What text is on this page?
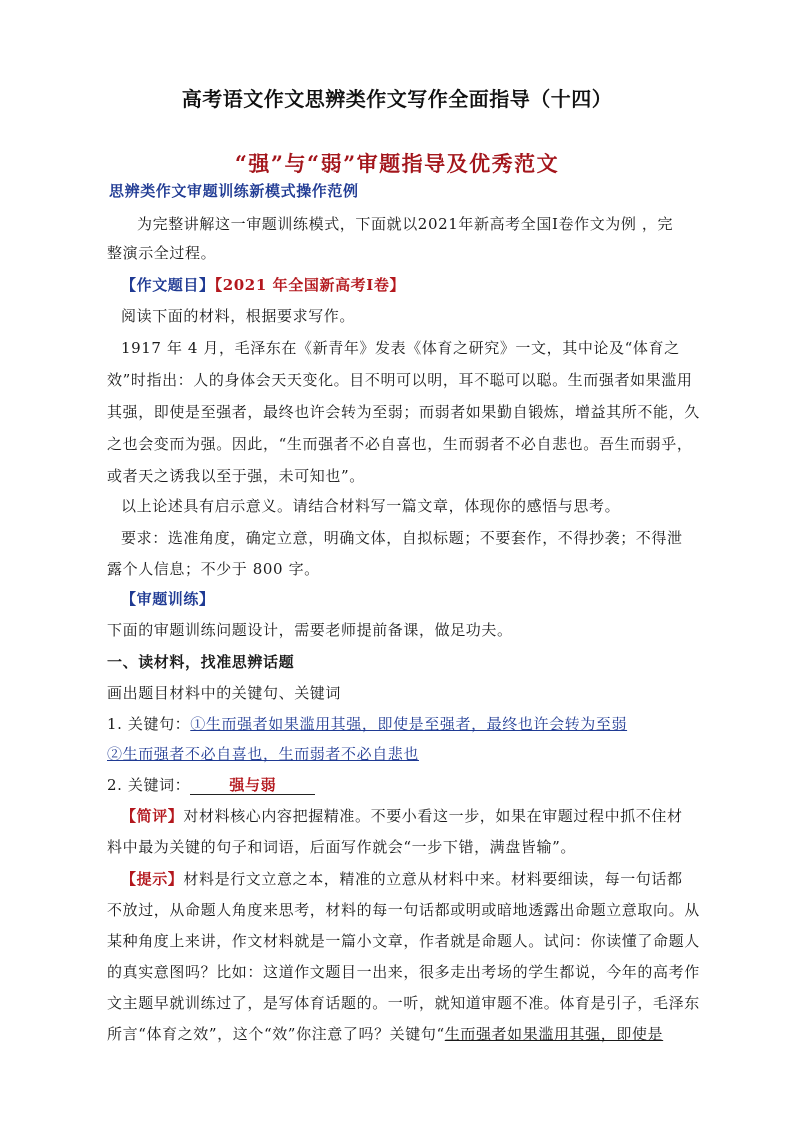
高考语文作文思辨类作文写作全面指导（十四）
“强”与“弱”审题指导及优秀范文
思辨类作文审题训练新模式操作范例
为完整讲解这一审题训练模式，下面就以2021年新高考全国Ⅰ卷作文为例 ，完
整演示全过程。
【作文题目】【2021 年全国新高考Ⅰ卷】
阅读下面的材料，根据要求写作。
1917 年 4 月，毛泽东在《新青年》发表《体育之研究》一文，其中论及“体育之
效”时指出：人的身体会天天变化。目不明可以明，耳不聪可以聪。生而强者如果滥用
其强，即使是至强者，最终也许会转为至弱；而弱者如果勤自锻炼，增益其所不能，久
之也会变而为强。因此，“生而强者不必自喜也，生而弱者不必自悲也。吾生而弱乎，
或者天之诱我以至于强，未可知也”。
以上论述具有启示意义。请结合材料写一篇文章，体现你的感悟与思考。
要求：选准角度，确定立意，明确文体，自拟标题；不要套作，不得抄袭；不得泄
露个人信息；不少于 800 字。
【审题训练】
下面的审题训练问题设计，需要老师提前备课，做足功夫。
一、读材料，找准思辨话题
画出题目材料中的关键句、关键词
1. 关键句：①生而强者如果滥用其强，即使是至强者，最终也许会转为至弱
②生而强者不必自喜也，生而弱者不必自悲也
2. 关键词：	强与弱
【简评】对材料核心内容把握精准。不要小看这一步，如果在审题过程中抓不住材
料中最为关键的句子和词语，后面写作就会“一步下错，满盘皆输”。
【提示】材料是行文立意之本，精准的立意从材料中来。材料要细读，每一句话都
不放过，从命题人角度来思考，材料的每一句话都或明或暗地透露出命题立意取向。从
某种角度上来讲，作文材料就是一篇小文章，作者就是命题人。试问：你读懂了命题人
的真实意图吗？比如：这道作文题目一出来，很多走出考场的学生都说，今年的高考作
文主题早就训练过了，是写体育话题的。一听，就知道审题不准。体育是引子，毛泽东
所言“体育之效”，这个“效”你注意了吗？关键句“生而强者如果滥用其强，即使是
